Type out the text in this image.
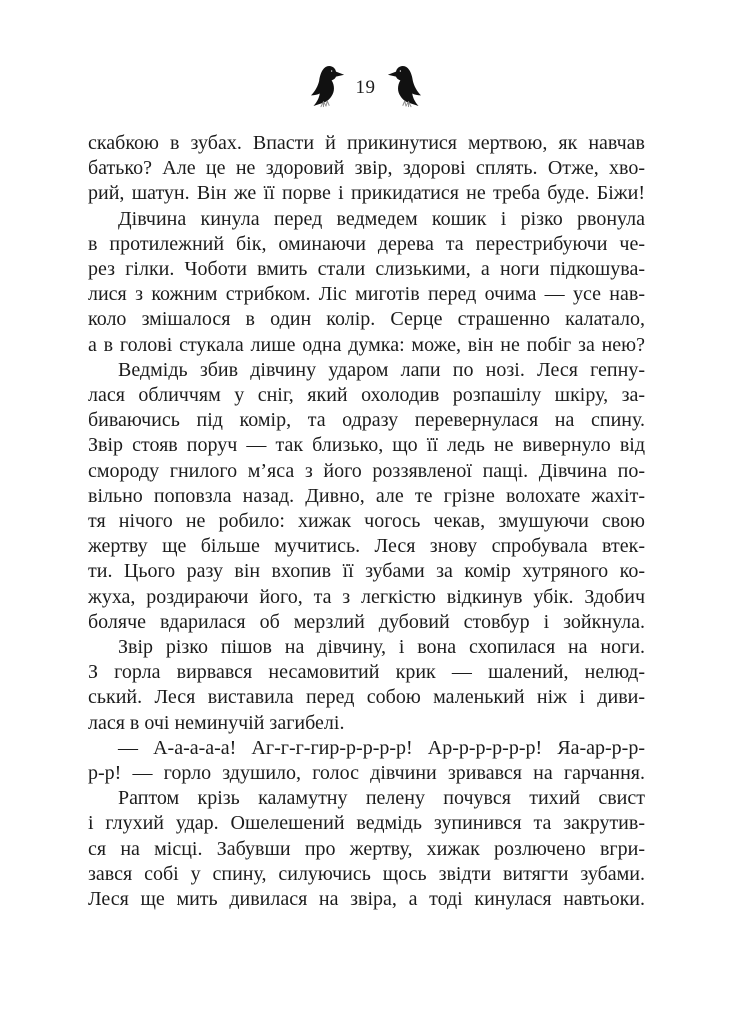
19
скабкою в зубах. Впасти й прикинутися мертвою, як навчав
батько? Але це не здоровий звір, здорові сплять. Отже, хво-
рий, шатун. Він же її порве і прикидатися не треба буде. Біжи!
Дівчина кинула перед ведмедем кошик і різко рвонула
в протилежний бік, оминаючи дерева та перестрибуючи че-
рез гілки. Чоботи вмить стали слизькими, а ноги підкошува-
лися з кожним стрибком. Ліс миготів перед очима — усе нав-
коло змішалося в один колір. Серце страшенно калатало,
а в голові стукала лише одна думка: може, він не побіг за нею?
Ведмідь збив дівчину ударом лапи по нозі. Леся гепну-
лася обличчям у сніг, який охолодив розпашілу шкіру, за-
биваючись під комір, та одразу перевернулася на спину.
Звір стояв поруч — так близько, що її ледь не вивернуло від
смороду гнилого м’яса з його роззявленої пащі. Дівчина по-
вільно поповзла назад. Дивно, але те грізне волохате жахіт-
тя нічого не робило: хижак чогось чекав, змушуючи свою
жертву ще більше мучитись. Леся знову спробувала втек-
ти. Цього разу він вхопив її зубами за комір хутряного ко-
жуха, роздираючи його, та з легкістю відкинув убік. Здобич
боляче вдарилася об мерзлий дубовий стовбур і зойкнула.
Звір різко пішов на дівчину, і вона схопилася на ноги.
З горла вирвався несамовитий крик — шалений, нелюд-
ський. Леся виставила перед собою маленький ніж і диви-
лася в очі неминучій загибелі.
— А-а-а-а-а! Аг-г-г-гир-р-р-р-р! Ар-р-р-р-р-р! Яа-ар-р-р-
р-р! — горло здушило, голос дівчини зривався на гарчання.
Раптом крізь каламутну пелену почувся тихий свист
і глухий удар. Ошелешений ведмідь зупинився та закрутив-
ся на місці. Забувши про жертву, хижак розлючено вгри-
зався собі у спину, силуючись щось звідти витягти зубами.
Леся ще мить дивилася на звіра, а тоді кинулася навтьоки.
